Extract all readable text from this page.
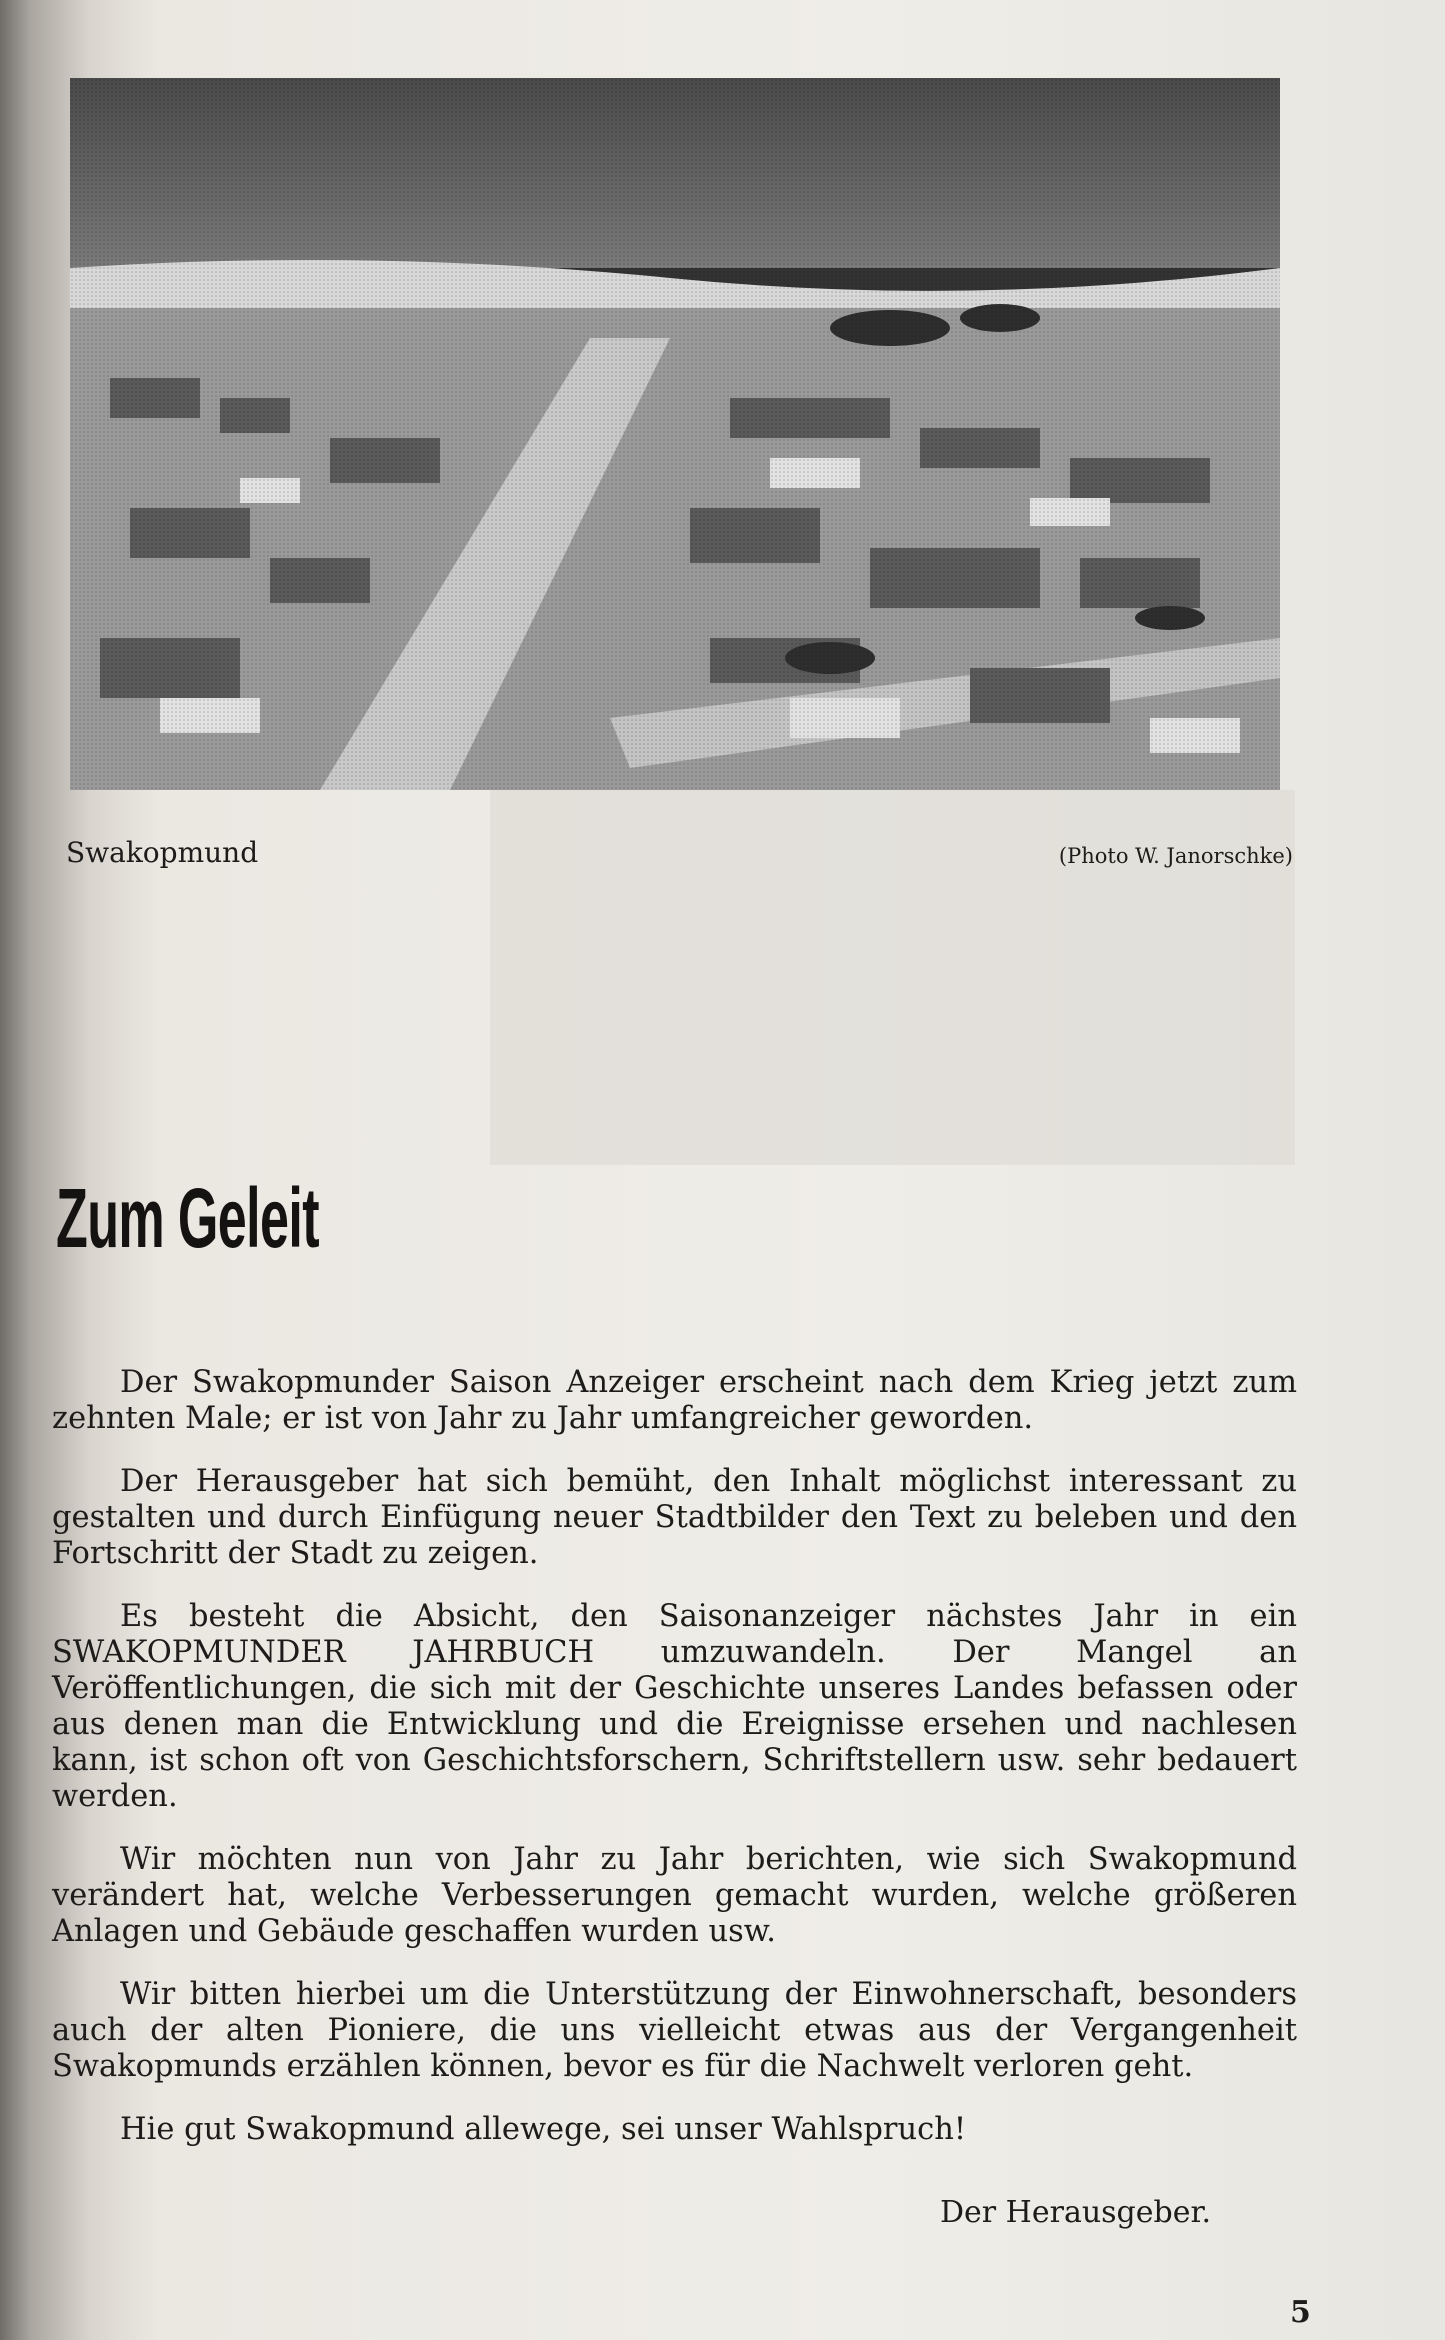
Swakopmund	(Photo W. Janorschke)
Zum Geleit

Der Swakopmunder Saison Anzeiger erscheint nach dem Krieg jetzt zum zehnten Male; er ist von Jahr zu Jahr umfangreicher geworden.

Der Herausgeber hat sich bemüht, den Inhalt möglichst interessant zu gestalten und durch Einfügung neuer Stadtbilder den Text zu beleben und den Fortschritt der Stadt zu zeigen.

Es besteht die Absicht, den Saisonanzeiger nächstes Jahr in ein SWAKOPMUNDER JAHRBUCH umzuwandeln. Der Mangel an Veröffentlichungen, die sich mit der Geschichte unseres Landes befassen oder aus denen man die Entwicklung und die Ereignisse ersehen und nachlesen kann, ist schon oft von Geschichtsforschern, Schriftstellern usw. sehr bedauert werden.

Wir möchten nun von Jahr zu Jahr berichten, wie sich Swakopmund verändert hat, welche Verbesserungen gemacht wurden, welche größeren Anlagen und Gebäude geschaffen wurden usw.

Wir bitten hierbei um die Unterstützung der Einwohnerschaft, besonders auch der alten Pioniere, die uns vielleicht etwas aus der Vergangenheit Swakopmunds erzählen können, bevor es für die Nachwelt verloren geht.

Hie gut Swakopmund allewege, sei unser Wahlspruch!

Der Herausgeber.
5
